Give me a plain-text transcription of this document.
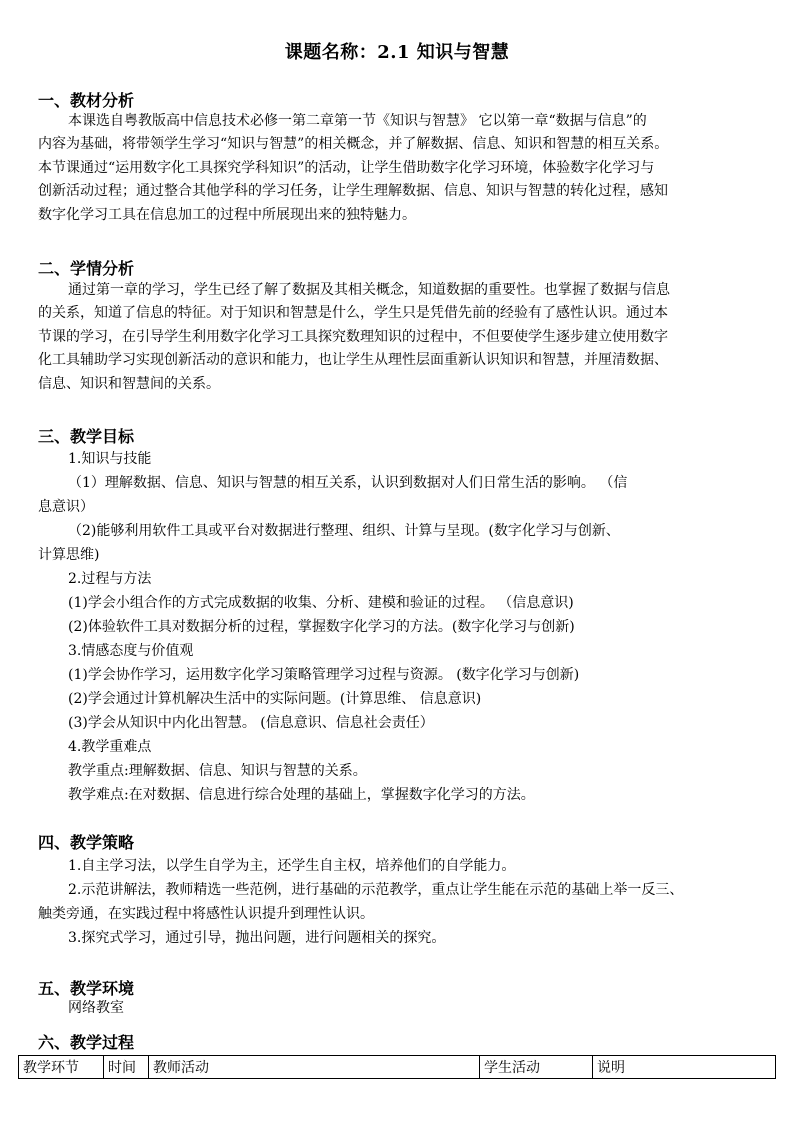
课题名称：2.1 知识与智慧
一、教材分析
本课选自粤教版高中信息技术必修一第二章第一节《知识与智慧》 它以第一章“数据与信息”的
内容为基础，将带领学生学习“知识与智慧”的相关概念，并了解数据、信息、知识和智慧的相互关系。
本节课通过“运用数字化工具探究学科知识”的活动，让学生借助数字化学习环境，体验数字化学习与
创新活动过程；通过整合其他学科的学习任务，让学生理解数据、信息、知识与智慧的转化过程，感知
数字化学习工具在信息加工的过程中所展现出来的独特魅力。
二、学情分析
通过第一章的学习，学生已经了解了数据及其相关概念，知道数据的重要性。也掌握了数据与信息
的关系，知道了信息的特征。对于知识和智慧是什么，学生只是凭借先前的经验有了感性认识。通过本
节课的学习，在引导学生利用数字化学习工具探究数理知识的过程中，不但要使学生逐步建立使用数字
化工具辅助学习实现创新活动的意识和能力，也让学生从理性层面重新认识知识和智慧，并厘清数据、
信息、知识和智慧间的关系。
三、教学目标
1.知识与技能
（1）理解数据、信息、知识与智慧的相互关系，认识到数据对人们日常生活的影响。 （信
息意识）
（2)能够利用软件工具或平台对数据进行整理、组织、计算与呈现。(数字化学习与创新、
计算思维)
2.过程与方法
(1)学会小组合作的方式完成数据的收集、分析、建模和验证的过程。 （信息意识)
(2)体验软件工具对数据分析的过程，掌握数字化学习的方法。(数字化学习与创新)
3.情感态度与价值观
(1)学会协作学习，运用数字化学习策略管理学习过程与资源。 (数字化学习与创新)
(2)学会通过计算机解决生活中的实际问题。(计算思维、 信息意识)
(3)学会从知识中内化出智慧。 (信息意识、信息社会责任）
4.教学重难点
教学重点:理解数据、信息、知识与智慧的关系。
教学难点:在对数据、信息进行综合处理的基础上，掌握数字化学习的方法。
四、教学策略
1.自主学习法，以学生自学为主，还学生自主权，培养他们的自学能力。
2.示范讲解法，教师精选一些范例，进行基础的示范教学，重点让学生能在示范的基础上举一反三、
触类旁通，在实践过程中将感性认识提升到理性认识。
3.探究式学习，通过引导，抛出问题，进行问题相关的探究。
五、教学环境
网络教室
六、教学过程
教学环节	时间	教师活动	学生活动	说明
